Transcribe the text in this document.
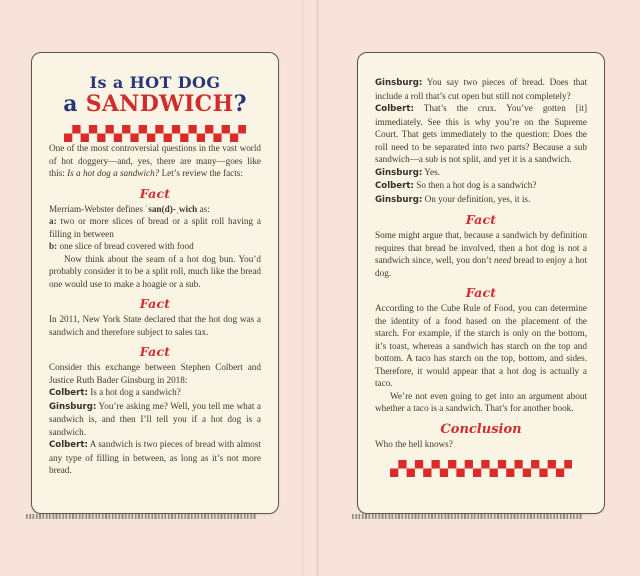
Is a HOT DOG
a SANDWICH?

One of the most controversial questions in the vast world of hot doggery—and, yes, there are many—goes like this: Is a hot dog a sandwich? Let’s review the facts:

Fact

Merriam-Webster defines ˈsan(d)-ˌwich as:

a: two or more slices of bread or a split roll having a filling in between

b: one slice of bread covered with food

Now think about the seam of a hot dog bun. You’d probably consider it to be a split roll, much like the bread one would use to make a hoagie or a sub.

Fact

In 2011, New York State declared that the hot dog was a sandwich and therefore subject to sales tax.

Fact

Consider this exchange between Stephen Colbert and Justice Ruth Bader Ginsburg in 2018:

Colbert: Is a hot dog a sandwich?

Ginsburg: You’re asking me? Well, you tell me what a sandwich is, and then I’ll tell you if a hot dog is a sandwich.

Colbert: A sandwich is two pieces of bread with almost any type of filling in between, as long as it’s not more bread.

Ginsburg: You say two pieces of bread. Does that include a roll that’s cut open but still not completely?

Colbert: That’s the crux. You’ve gotten [it] immediately. See this is why you’re on the Supreme Court. That gets immediately to the question: Does the roll need to be separated into two parts? Because a sub sandwich—a sub is not split, and yet it is a sandwich.

Ginsburg: Yes.

Colbert: So then a hot dog is a sandwich?

Ginsburg: On your definition, yes, it is.

Fact

Some might argue that, because a sandwich by definition requires that bread be involved, then a hot dog is not a sandwich since, well, you don’t need bread to enjoy a hot dog.

Fact

According to the Cube Rule of Food, you can determine the identity of a food based on the placement of the starch. For example, if the starch is only on the bottom, it’s toast, whereas a sandwich has starch on the top and bottom. A taco has starch on the top, bottom, and sides. Therefore, it would appear that a hot dog is actually a taco.

We’re not even going to get into an argument about whether a taco is a sandwich. That’s for another book.

Conclusion

Who the hell knows?
